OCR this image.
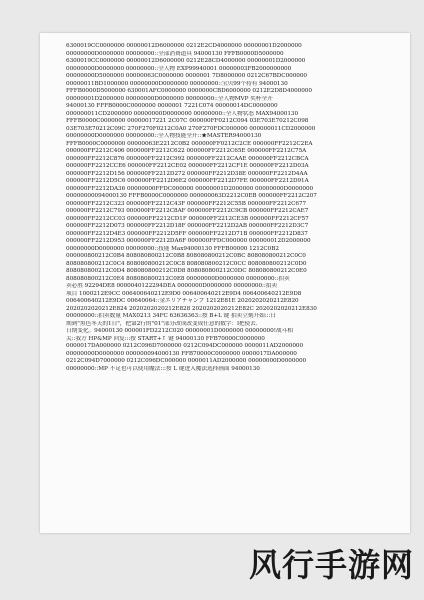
6300019CC0000000 00000012D6000000 0212E2CD4000000 00000001D2000000
00000000D0000000 00000000::全部消费道具 94000130 FFFB0000D5000000
6300019CC0000000 00000012D6000000 0212E28CD4000000 00000001D2000000
00000000D0000000 00000000::全人物 EXP99940001 00000003FB2000000000
00000000D5000000 00000063C0000000 0000001 7D8000000 0212C67BDC000000
00000011BD1000000 00000000D0000000 00000000::宝贝99个持有 94000130
FFFB0000D5000000 630001AFC0000000 0000000CBD6000000 0212E2D8D4000000
00000001D2000000 00000000D0000000 00000000::全人物MVP 奖杯全开
94000130 FFFB0000C0000000 0000001 7221C074 00000014DC0000000
000000011CD2000000 00000000D0000000 00000000::全人物状态 MAX94000130
FFFB0000C0000000 00000017221 2C07C 000000FF0212C094 03E703E70212C098
03E703E70212C09C 270F270F0212C0A0 270F270FDC000000 000000011CD2000000
00000000D0000000 00000000::全人物技能全开::★MASTER94000130
FFFB0000C0000000 00000063E2212C0B2 000000FF0212C2CE 000000FF2212C2EA
000000FF2212C406 000000FF2212C622 000000FF2212C65E 000000FF2212C75A
000000FF2212C876 000000FF2212C992 000000FF2212CAAE 000000FF2212CBCA
000000FF2212CCE6 000000FF2212CE02 000000FF2212CF1E 000000FF2212D03A
000000FF2212D156 000000FF2212D272 000000FF2212D38E 000000FF2212D4AA
000000FF2212D5C6 000000FF2212D6E2 000000FF2212D7FE 000000FF2212D91A
000000FF2212DA36 00000000FFDC000000 00000001D2000000 00000000D0000000
00000000094000130 FFFB0000C0000000 000000063D2212C0EB 000000FF2212C207
000000FF2212C323 000000FF2212C43F 000000FF2212C55B 000000FF2212C677
000000FF2212C793 000000FF2212C8AF 000000FF2212C9CB 000000FF2212CAE7
000000FF2212CC03 000000FF2212CD1F 000000FF2212CE3B 000000FF2212CF57
000000FF2212D073 000000FF2212D18F 000000FF2212D2AB 000000FF2212D3C7
000000FF2212D4E3 000000FF2212D5FF 000000FF2212D71B 000000FF2212D837
000000FF2212D953 000000FF2212DA6F 000000FFDC000000 000000012D2000000
00000000D0000000 00000000::技能 Max94000130 FFFB00000 1212C0B2
000000800212C0B4 808080800212C0B8 808080800212C0BC 808080800212C0C0
808080800212C0C4 808080800212C0C8 808080800212C0CC 808080800212C0D0
808080800212C0D4 808080800212C0D8 808080800212C0DC 808080800212C0E0
808080800212C0E4 808080800212C0E8 00000000D0000000 00000000::拍卖
卖必胜 92294DE8 0000040122294DEA 0000000D0000000 00000000::拍卖
项目 1000212E9CC 006400640212E9D0 006400640212E9D4 006400640212E9D8
006400640212E9DC 00640064::金エリアチャンプ 1212E81E 2020202020212E820
2020202020212E824 2020202020212E828 2020202020212E82C 2020202020212E830
00000000::拍卖数量 MAX0213 34FC 63636363::按 B+L 键 拍卖立刻开始:::日
期到"黑色冬天的1日"，把第2行的"01"部分改成改变成任意的数字：l把使去.
日期变化。94000130 000001FD2212C020 00000001D0000000 00000000!战斗相
关::我方 HP&MP 回复:::按 START+↑ 键 94000130 FFB70000C0000000
0000017DA000000 0212C096D7000000 0212C094DC000000 0000011AD2000000
00000000D0000000 000000094000130 FFB70000C0000000 0000017DA000000
0212C094D7000000 0212C096DC000000 0000011AD2000000 00000000D0000000
00000000::MP 不足也可以使用魔法:::按 L 键进入魔法选择画面 94000130
风行手游网
